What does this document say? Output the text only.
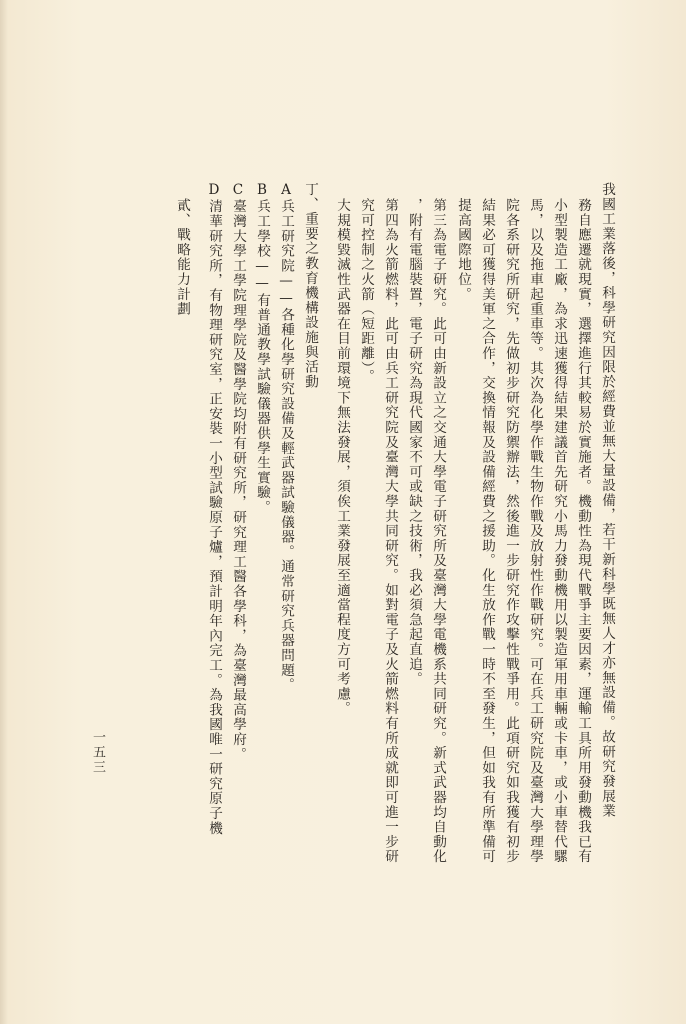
我國工業落後，科學研究因限於經費並無大量設備，若干新科學既無人才亦無設備。故研究發展業
務自應遷就現實，選擇進行其較易於實施者。機動性為現代戰爭主要因素，運輸工具所用發動機我已有
小型製造工廠，為求迅速獲得結果建議首先研究小馬力發動機用以製造軍用車輛或卡車，或小車替代騾
馬，以及拖車起重車等。其次為化學作戰生物作戰及放射性作戰研究。可在兵工研究院及臺灣大學理學
院各系研究所研究，先做初步研究防禦辦法，然後進一步研究作攻擊性戰爭用。此項研究如我獲有初步
結果必可獲得美軍之合作，交換情報及設備經費之援助。化生放作戰一時不至發生，但如我有所準備可
提高國際地位。
第三為電子研究。此可由新設立之交通大學電子研究所及臺灣大學電機系共同研究。新式武器均自動化
，附有電腦裝置，電子研究為現代國家不可或缺之技術，我必須急起直追。
第四為火箭燃料，此可由兵工研究院及臺灣大學共同研究。如對電子及火箭燃料有所成就即可進一步研
究可控制之火箭（短距離）。
大規模毀滅性武器在目前環境下無法發展，須俟工業發展至適當程度方可考慮。
丁、重要之教育機構設施與活動
A兵工研究院——各種化學研究設備及輕武器試驗儀器。通常研究兵器問題。
B兵工學校——有普通教學試驗儀器供學生實驗。
C臺灣大學工學院理學院及醫學院均附有研究所，研究理工醫各學科，為臺灣最高學府。
D清華研究所，有物理研究室，正安裝一小型試驗原子爐，預計明年內完工。為我國唯一研究原子機
貳、戰略能力計劃
一五三
